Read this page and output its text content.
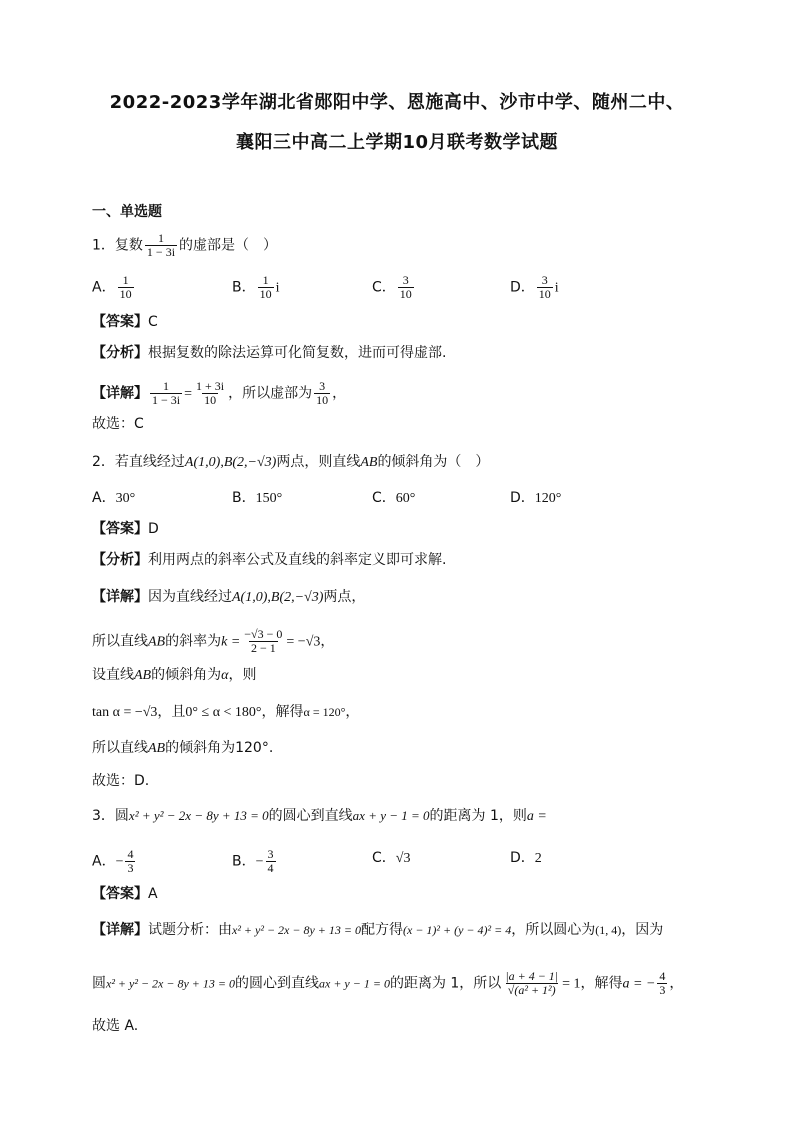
2022-2023学年湖北省郧阳中学、恩施高中、沙市中学、随州二中、
襄阳三中高二上学期10月联考数学试题
一、单选题
1．复数 $\frac{1}{1 - 3i}$ 的虚部是（　）
A． $\frac{1}{10}$	B． $\frac{1}{10}$ i	C． $\frac{3}{10}$	D． $\frac{3}{10}$ i
【答案】C
【分析】根据复数的除法运算可化简复数，进而可得虚部.
【详解】 $\frac{1}{1 - 3i} = \frac{1 + 3i}{10}$ ，所以虚部为 $\frac{3}{10}$ ，
故选：C
2．若直线经过A(1,0),B(2,−√3)两点，则直线AB的倾斜角为（　）
A．30°	B．150°	C．60°	D．120°
【答案】D
【分析】利用两点的斜率公式及直线的斜率定义即可求解.
【详解】因为直线经过A(1,0),B(2,−√3)两点，
所以直线AB的斜率为$k = \frac{-√3 - 0}{2 - 1} = -√3$，
设直线AB的倾斜角为α，则
tan α = −√3，且0° ≤ α < 180°，解得α = 120°，
所以直线AB的倾斜角为120°.
故选：D.
3．圆x² + y² − 2x − 8y + 13 = 0的圆心到直线ax + y − 1 = 0的距离为 1，则a =
A．− $\frac{4}{3}$	B．− $\frac{3}{4}$	C．√3	D．2
【答案】A
【详解】试题分析：由x² + y² − 2x − 8y + 13 = 0配方得(x − 1)² + (y − 4)² = 4，所以圆心为(1, 4)，因为
圆x² + y² − 2x − 8y + 13 = 0的圆心到直线ax + y − 1 = 0的距离为 1，所以 $\frac{|a + 4 - 1|}{\text{√(a² + 1²)}} = 1$，解得a = − $\frac{4}{3}$ ，
故选 A.
